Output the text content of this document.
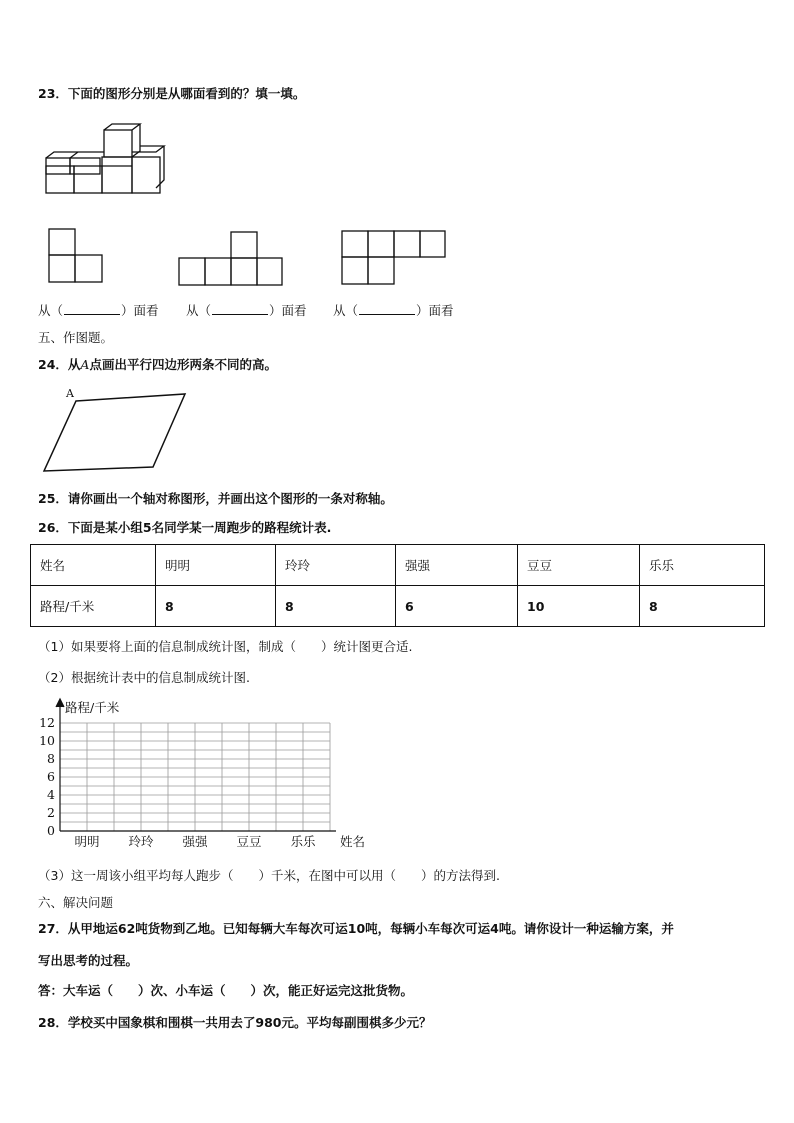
23．下面的图形分别是从哪面看到的？填一填。
从（	）面看 从（	）面看 从（	）面看
五、作图题。
24．从A点画出平行四边形两条不同的高。
A
25．请你画出一个轴对称图形，并画出这个图形的一条对称轴。
26．下面是某小组5名同学某一周跑步的路程统计表.
姓名	明明	玲玲	强强	豆豆	乐乐
路程/千米	8	8	6	10	8
（1）如果要将上面的信息制成统计图，制成（　　）统计图更合适.
（2）根据统计表中的信息制成统计图.
路程/千米
12
10
8
6
4
2
0
明明 玲玲 强强 豆豆 乐乐 姓名
（3）这一周该小组平均每人跑步（　　）千米，在图中可以用（　　）的方法得到.
六、解决问题
27．从甲地运62吨货物到乙地。已知每辆大车每次可运10吨，每辆小车每次可运4吨。请你设计一种运输方案，并
写出思考的过程。
答：大车运（　　）次、小车运（　　）次，能正好运完这批货物。
28．学校买中国象棋和围棋一共用去了980元。平均每副围棋多少元？
